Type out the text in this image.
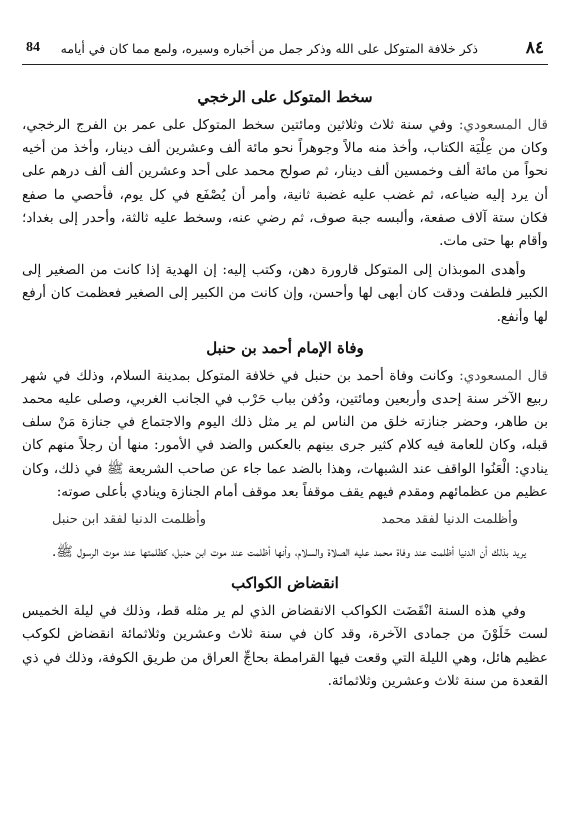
٨٤
ذكر خلافة المتوكل على الله وذكر جمل من أخباره وسيره، ولمع مما كان في أيامه
84
سخط المتوكل على الرخجي

قال المسعودي: وفي سنة ثلاث وثلاثين ومائتين سخط المتوكل على عمر بن الفرج الرخجي، وكان من عِلْيَة الكتاب، وأخذ منه مالاً وجوهراً نحو مائة ألف وعشرين ألف دينار، وأخذ من أخيه نحواً من مائة ألف وخمسين ألف دينار، ثم صولح محمد على أحد وعشرين ألف ألف درهم على أن يرد إليه ضياعه، ثم غضب عليه غضبة ثانية، وأمر أن يُصْفَع في كل يوم، فأحصي ما صفع فكان ستة آلاف صفعة، وألبسه جبة صوف، ثم رضي عنه، وسخط عليه ثالثة، وأحدر إلى بغداد؛ وأقام بها حتى مات.

وأهدى الموبذان إلى المتوكل قارورة دهن، وكتب إليه: إن الهدية إذا كانت من الصغير إلى الكبير فلطفت ودقت كان أبهى لها وأحسن، وإن كانت من الكبير إلى الصغير فعظمت كان أرفع لها وأنفع.

وفاة الإمام أحمد بن حنبل

قال المسعودي: وكانت وفاة أحمد بن حنبل في خلافة المتوكل بمدينة السلام، وذلك في شهر ربيع الآخر سنة إحدى وأربعين ومائتين، ودُفن بباب حَرْب في الجانب الغربي، وصلى عليه محمد بن طاهر، وحضر جنازته خلق من الناس لم ير مثل ذلك اليوم والاجتماع في جنازة مَنْ سلف قبله، وكان للعامة فيه كلام كثير جرى بينهم بالعكس والضد في الأمور: منها أن رجلاً منهم كان ينادي: الْعَنُوا الواقف عند الشبهات، وهذا بالضد عما جاء عن صاحب الشريعة ﷺ في ذلك، وكان عظيم من عظمائهم ومقدم فيهم يقف موقفاً بعد موقف أمام الجنازة وينادي بأعلى صوته:

وأظلمت الدنيا لفقد محمد
وأظلمت الدنيا لفقد ابن حنبل

يريد بذلك أن الدنيا أظلمت عند وفاة محمد عليه الصلاة والسلام، وأنها أظلمت عند موت ابن حنبل، كظلمتها عند موت الرسول ﷺ.

انقضاض الكواكب

وفي هذه السنة انْقَضَت الكواكب الانقضاض الذي لم ير مثله قط، وذلك في ليلة الخميس لست خَلَوْنَ من جمادى الآخرة، وقد كان في سنة ثلاث وعشرين وثلاثمائة انقضاض لكوكب عظيم هائل، وهي الليلة التي وقعت فيها القرامطة بحاجِّ العراق من طريق الكوفة، وذلك في ذي القعدة من سنة ثلاث وعشرين وثلاثمائة.
